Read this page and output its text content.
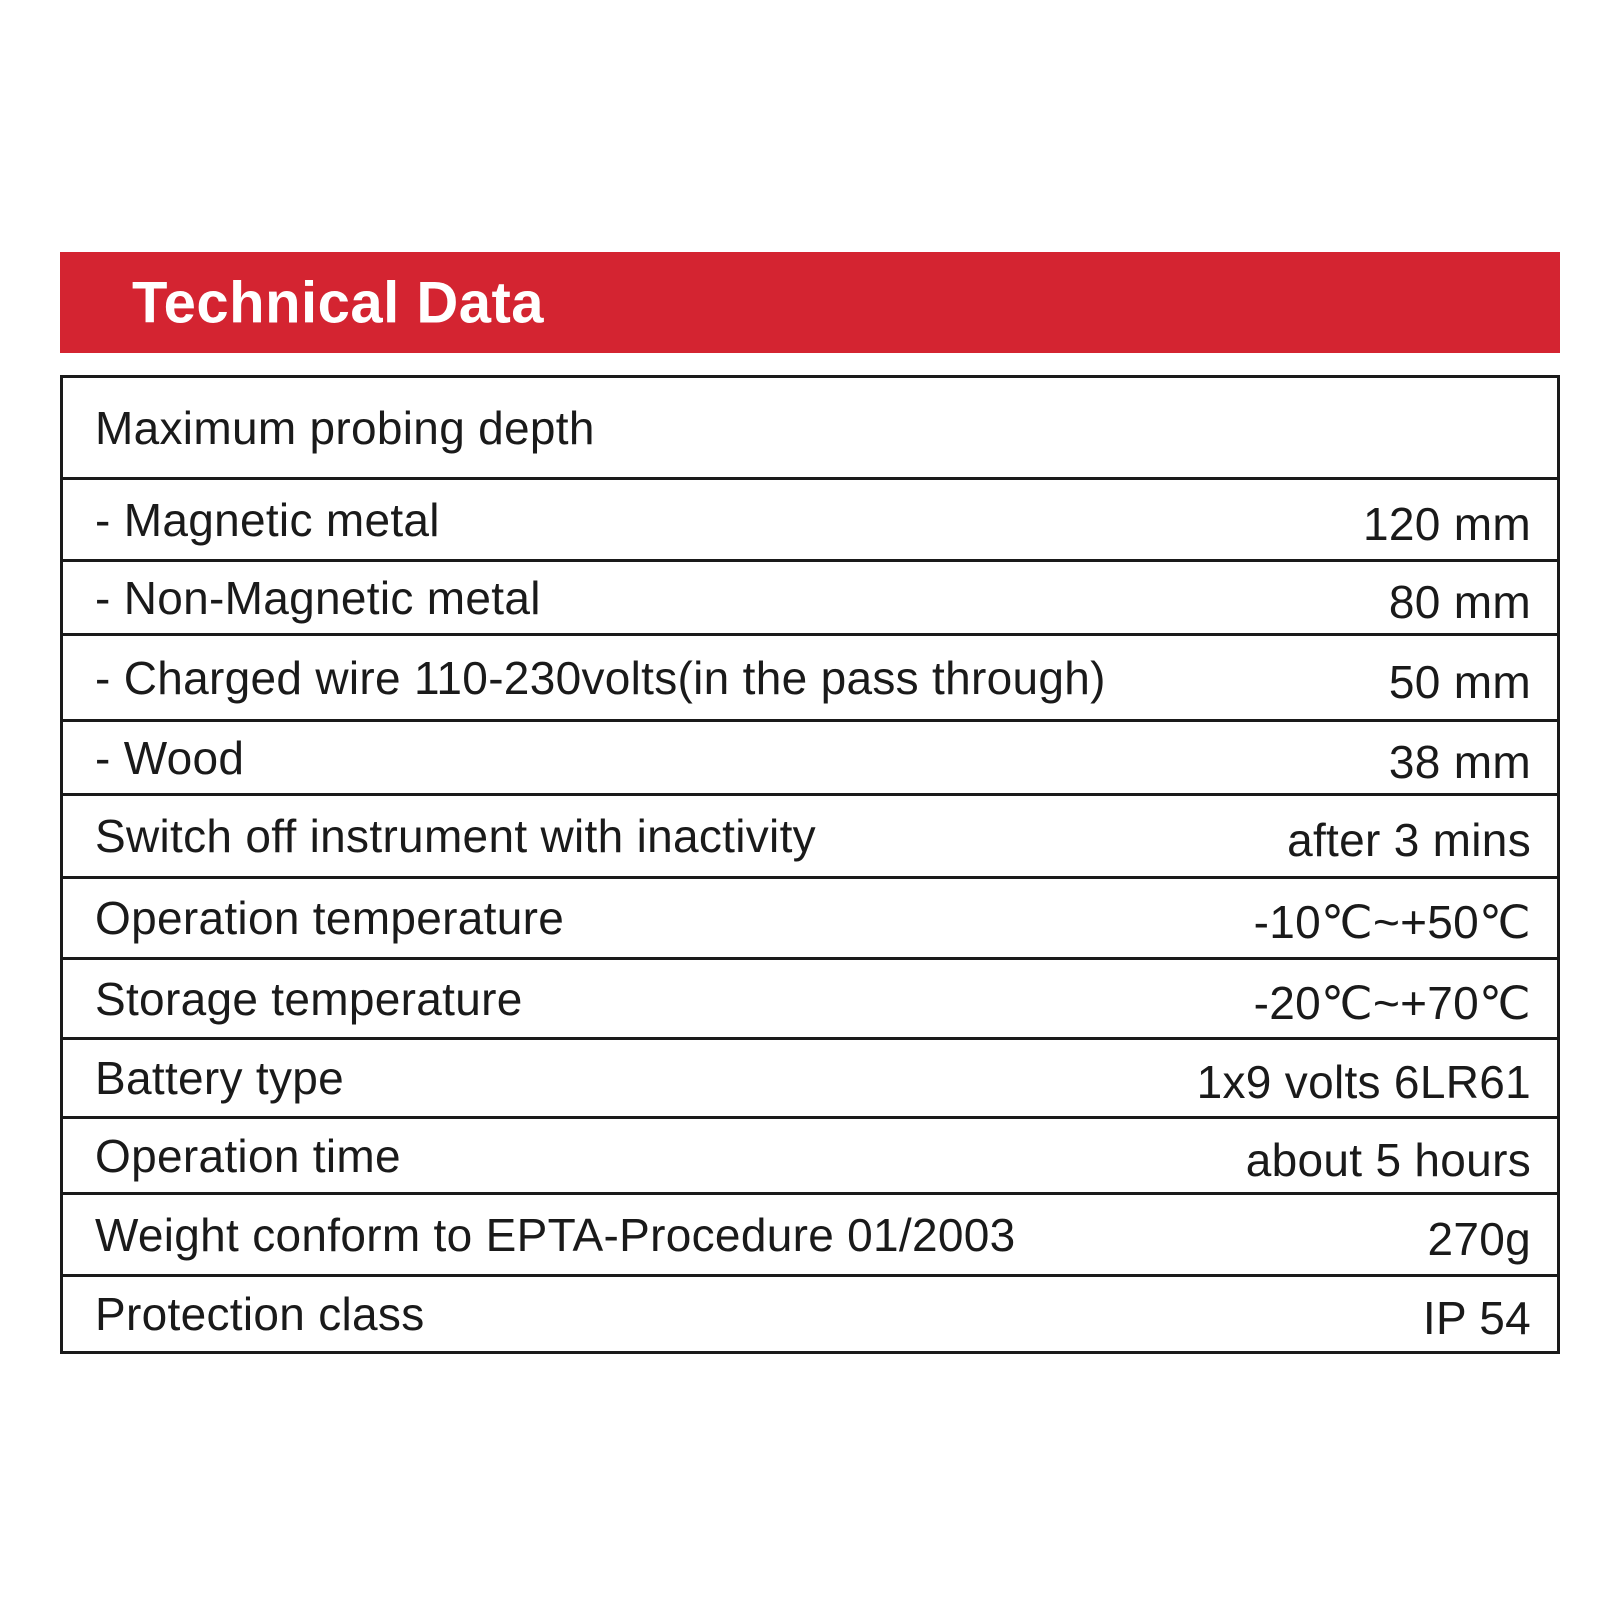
Technical Data
Maximum probing depth
- Magnetic metal	120 mm
- Non-Magnetic metal	80 mm
- Charged wire 110-230volts(in the pass through)	50 mm
- Wood	38 mm
Switch off instrument with inactivity	after 3 mins
Operation temperature	-10℃~+50℃
Storage temperature	-20℃~+70℃
Battery type	1x9 volts 6LR61
Operation time	about 5 hours
Weight conform to EPTA-Procedure 01/2003	270g
Protection class	IP 54
